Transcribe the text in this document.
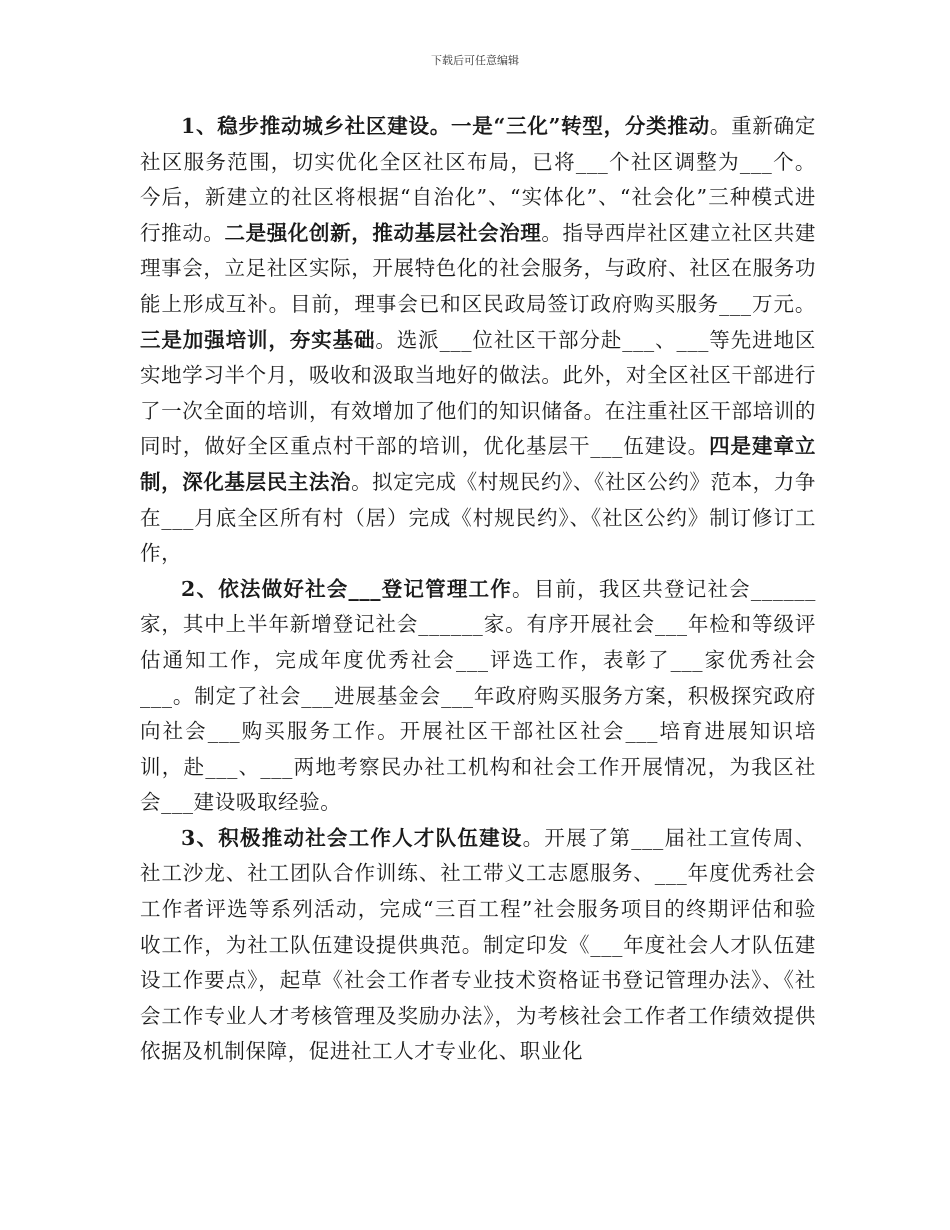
下载后可任意编辑

1、稳步推动城乡社区建设。一是“三化”转型，分类推动。重新确定社区服务范围，切实优化全区社区布局，已将___个社区调整为___个。今后，新建立的社区将根据“自治化”、“实体化”、“社会化”三种模式进行推动。二是强化创新，推动基层社会治理。指导西岸社区建立社区共建理事会，立足社区实际，开展特色化的社会服务，与政府、社区在服务功能上形成互补。目前，理事会已和区民政局签订政府购买服务___万元。三是加强培训，夯实基础。选派___位社区干部分赴___、___等先进地区实地学习半个月，吸收和汲取当地好的做法。此外，对全区社区干部进行了一次全面的培训，有效增加了他们的知识储备。在注重社区干部培训的同时，做好全区重点村干部的培训，优化基层干___伍建设。四是建章立制，深化基层民主法治。拟定完成《村规民约》、《社区公约》范本，力争在___月底全区所有村（居）完成《村规民约》、《社区公约》制订修订工作，

2、依法做好社会___登记管理工作。目前，我区共登记社会______家，其中上半年新增登记社会______家。有序开展社会___年检和等级评估通知工作，完成年度优秀社会___评选工作，表彰了___家优秀社会___。制定了社会___进展基金会___年政府购买服务方案，积极探究政府向社会___购买服务工作。开展社区干部社区社会___培育进展知识培训，赴___、___两地考察民办社工机构和社会工作开展情况，为我区社会___建设吸取经验。

3、积极推动社会工作人才队伍建设。开展了第___届社工宣传周、社工沙龙、社工团队合作训练、社工带义工志愿服务、___年度优秀社会工作者评选等系列活动，完成“三百工程”社会服务项目的终期评估和验收工作，为社工队伍建设提供典范。制定印发《___年度社会人才队伍建设工作要点》，起草《社会工作者专业技术资格证书登记管理办法》、《社会工作专业人才考核管理及奖励办法》，为考核社会工作者工作绩效提供依据及机制保障，促进社工人才专业化、职业化
